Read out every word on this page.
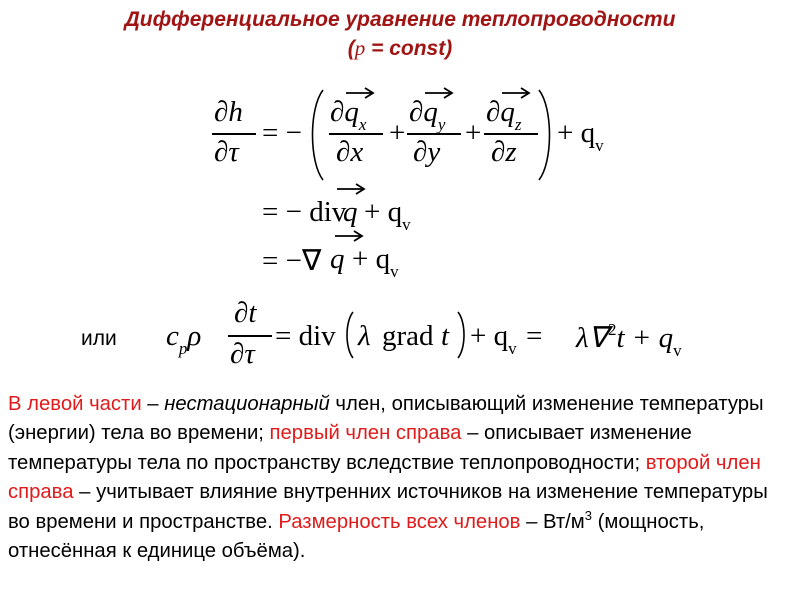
Дифференциальное уравнение теплопроводности
(p = const)
∂h
∂τ
= −
$\partial q_x$
∂x
+
$\partial q_y$
∂y
+
$\partial q_z$
∂z
+ $q_v$
= − div
$q + q_v$
= −∇ $q + q_v$
или $c_p\rho$
∂t
∂τ
= div λ grad $t + q_v = \lambda\nabla^2t + q_v$
В левой части – нестационарный член, описывающий изменение температуры (энергии) тела во времени; первый член справа – описывает изменение температуры тела по пространству вследствие теплопроводности; второй член справа – учитывает влияние внутренних источников на изменение температуры во времени и пространстве. Размерность всех членов – $Вт/м^3$ (мощность, отнесённая к единице объёма).
